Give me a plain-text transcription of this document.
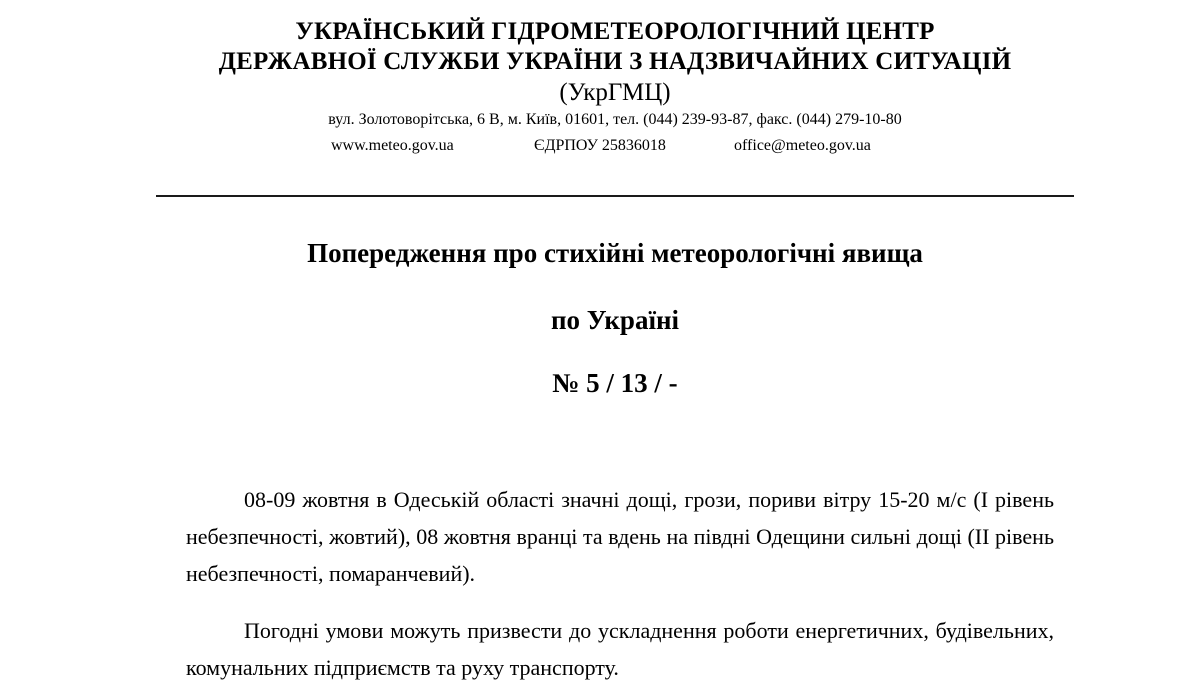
УКРАЇНСЬКИЙ ГІДРОМЕТЕОРОЛОГІЧНИЙ ЦЕНТР
ДЕРЖАВНОЇ СЛУЖБИ УКРАЇНИ З НАДЗВИЧАЙНИХ СИТУАЦІЙ
(УкрГМЦ)
вул. Золотоворітська, 6 В, м. Київ, 01601, тел. (044) 239-93-87, факс. (044) 279-10-80
www.meteo.gov.ua	ЄДРПОУ 25836018	office@meteo.gov.ua
Попередження про стихійні метеорологічні явища
по Україні
№ 5 / 13 / -

08-09 жовтня в Одеській області значні дощі, грози, пориви вітру 15-20 м/с (І рівень небезпечності, жовтий), 08 жовтня вранці та вдень на півдні Одещини сильні дощі (ІІ рівень небезпечності, помаранчевий).

Погодні умови можуть призвести до ускладнення роботи енергетичних, будівельних, комунальних підприємств та руху транспорту.
